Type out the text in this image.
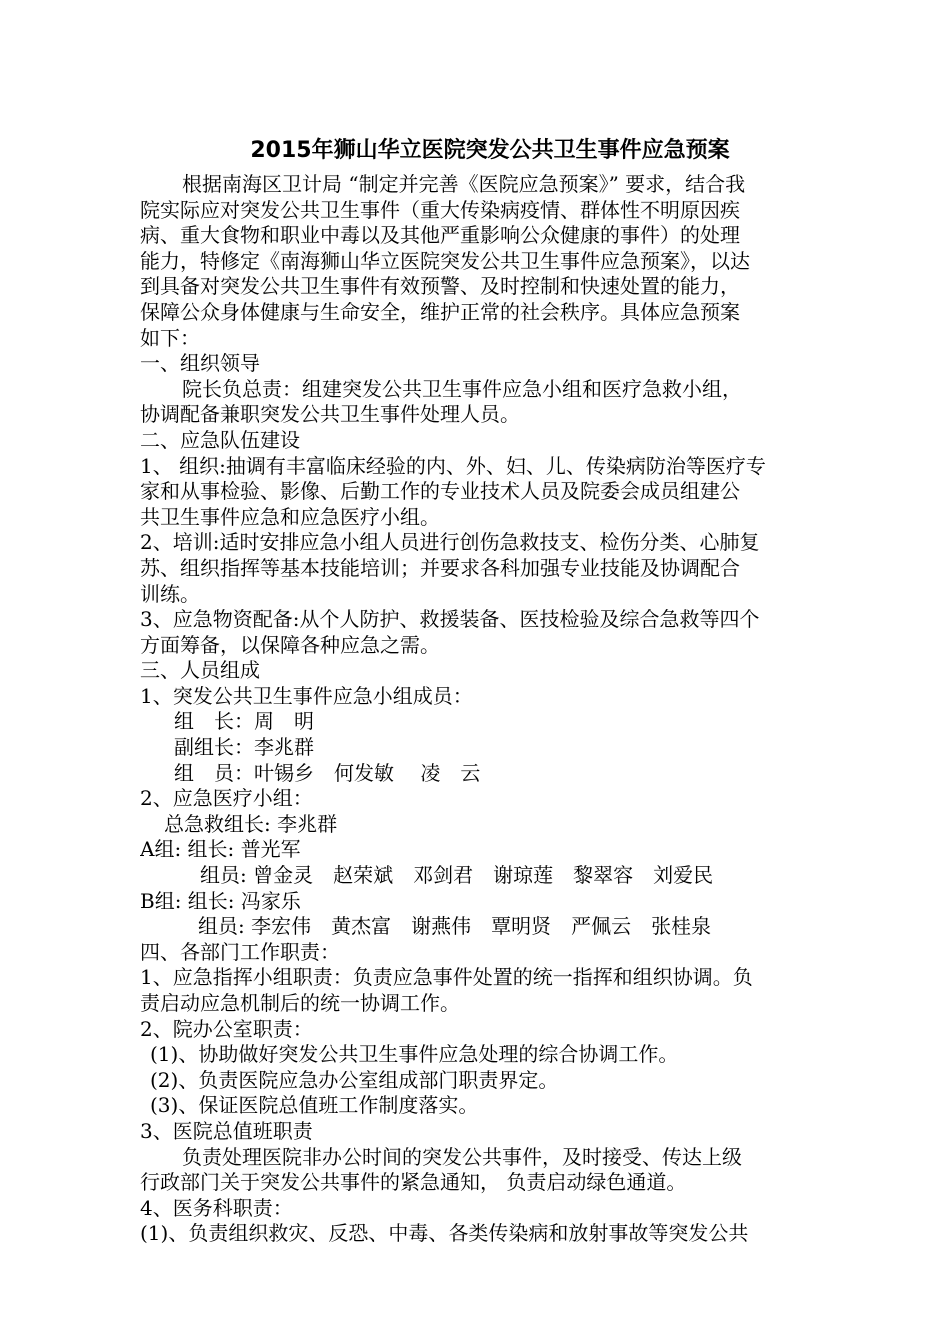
2015年狮山华立医院突发公共卫生事件应急预案
根据南海区卫计局 “制定并完善《医院应急预案》” 要求，结合我
院实际应对突发公共卫生事件（重大传染病疫情、群体性不明原因疾
病、重大食物和职业中毒以及其他严重影响公众健康的事件）的处理
能力，特修定《南海狮山华立医院突发公共卫生事件应急预案》，以达
到具备对突发公共卫生事件有效预警、及时控制和快速处置的能力，
保障公众身体健康与生命安全，维护正常的社会秩序。具体应急预案
如下：
一、组织领导
院长负总责：组建突发公共卫生事件应急小组和医疗急救小组，
协调配备兼职突发公共卫生事件处理人员。
二、应急队伍建设
1、 组织:抽调有丰富临床经验的内、外、妇、儿、传染病防治等医疗专
家和从事检验、影像、后勤工作的专业技术人员及院委会成员组建公
共卫生事件应急和应急医疗小组。
2、培训:适时安排应急小组人员进行创伤急救技支、检伤分类、心肺复
苏、组织指挥等基本技能培训；并要求各科加强专业技能及协调配合
训练。
3、应急物资配备:从个人防护、救援装备、医技检验及综合急救等四个
方面筹备，以保障各种应急之需。
三、人员组成
1、突发公共卫生事件应急小组成员：
组　长：周　明
副组长：李兆群
组　员：叶锡乡　何发敏　 凌　云
2、应急医疗小组：
总急救组长: 李兆群
A组: 组长: 普光军
组员: 曾金灵　赵荣斌　邓剑君　谢琼莲　黎翠容　刘爱民
B组: 组长: 冯家乐
组员: 李宏伟　黄杰富　谢燕伟　覃明贤　严佩云　张桂泉
四、各部门工作职责：
1、应急指挥小组职责：负责应急事件处置的统一指挥和组织协调。负
责启动应急机制后的统一协调工作。
2、院办公室职责：
(1)、协助做好突发公共卫生事件应急处理的综合协调工作。
(2)、负责医院应急办公室组成部门职责界定。
(3)、保证医院总值班工作制度落实。
3、医院总值班职责
负责处理医院非办公时间的突发公共事件，及时接受、传达上级
行政部门关于突发公共事件的紧急通知， 负责启动绿色通道。
4、医务科职责：
(1)、负责组织救灾、反恐、中毒、各类传染病和放射事故等突发公共
